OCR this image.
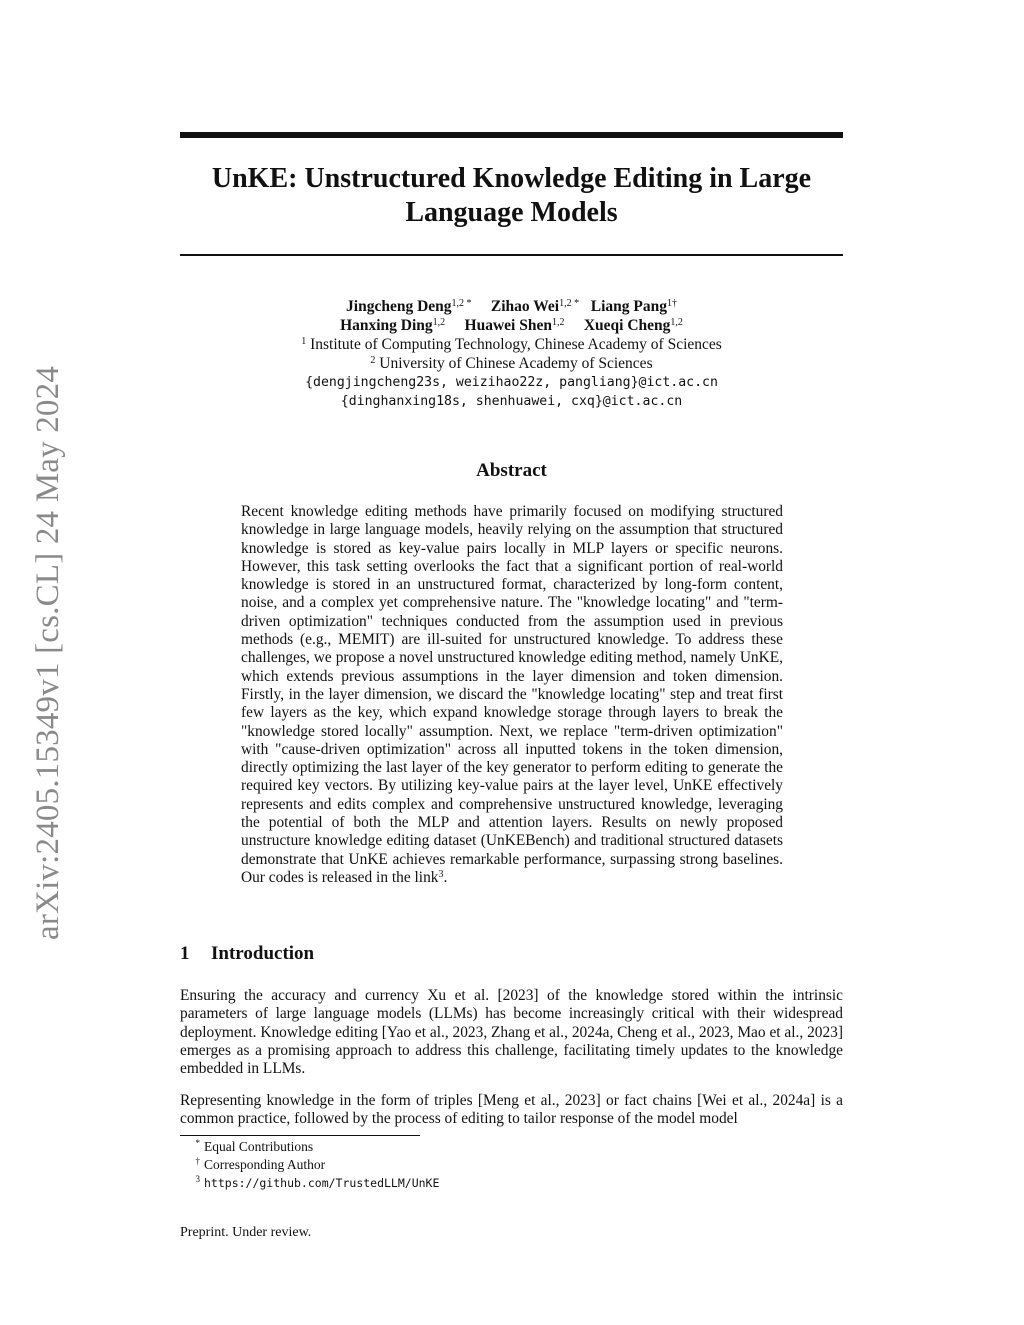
arXiv:2405.15349v1 [cs.CL] 24 May 2024
UnKE: Unstructured Knowledge Editing in Large
Language Models
Jingcheng Deng$^{1,2 *}$ Zihao Wei$^{1,2 *}$ Liang Pang$^{1\dagger}$
Hanxing Ding$^{1,2}$ Huawei Shen$^{1,2}$ Xueqi Cheng$^{1,2}$
$^1$ Institute of Computing Technology, Chinese Academy of Sciences
$^2$ University of Chinese Academy of Sciences
{dengjingcheng23s, weizihao22z, pangliang}@ict.ac.cn
{dinghanxing18s, shenhuawei, cxq}@ict.ac.cn
Abstract
Recent knowledge editing methods have primarily focused on modifying structured knowledge in large language models, heavily relying on the assumption that structured knowledge is stored as key-value pairs locally in MLP layers or specific neurons. However, this task setting overlooks the fact that a significant portion of real-world knowledge is stored in an unstructured format, characterized by long-form content, noise, and a complex yet comprehensive nature. The "knowledge locating" and "term-driven optimization" techniques conducted from the assumption used in previous methods (e.g., MEMIT) are ill-suited for unstructured knowledge. To address these challenges, we propose a novel unstructured knowledge editing method, namely UnKE, which extends previous assumptions in the layer dimension and token dimension. Firstly, in the layer dimension, we discard the "knowledge locating" step and treat first few layers as the key, which expand knowledge storage through layers to break the "knowledge stored locally" assumption. Next, we replace "term-driven optimization" with "cause-driven optimization" across all inputted tokens in the token dimension, directly optimizing the last layer of the key generator to perform editing to generate the required key vectors. By utilizing key-value pairs at the layer level, UnKE effectively represents and edits complex and comprehensive unstructured knowledge, leveraging the potential of both the MLP and attention layers. Results on newly proposed unstructure knowledge editing dataset (UnKEBench) and traditional structured datasets demonstrate that UnKE achieves remarkable performance, surpassing strong baselines. Our codes is released in the link$^3$.
1 Introduction
Ensuring the accuracy and currency Xu et al. [2023] of the knowledge stored within the intrinsic parameters of large language models (LLMs) has become increasingly critical with their widespread deployment. Knowledge editing [Yao et al., 2023, Zhang et al., 2024a, Cheng et al., 2023, Mao et al., 2023] emerges as a promising approach to address this challenge, facilitating timely updates to the knowledge embedded in LLMs.
Representing knowledge in the form of triples [Meng et al., 2023] or fact chains [Wei et al., 2024a] is a common practice, followed by the process of editing to tailor response of the model model
* Equal Contributions
† Corresponding Author
$^3$ https://github.com/TrustedLLM/UnKE
Preprint. Under review.
